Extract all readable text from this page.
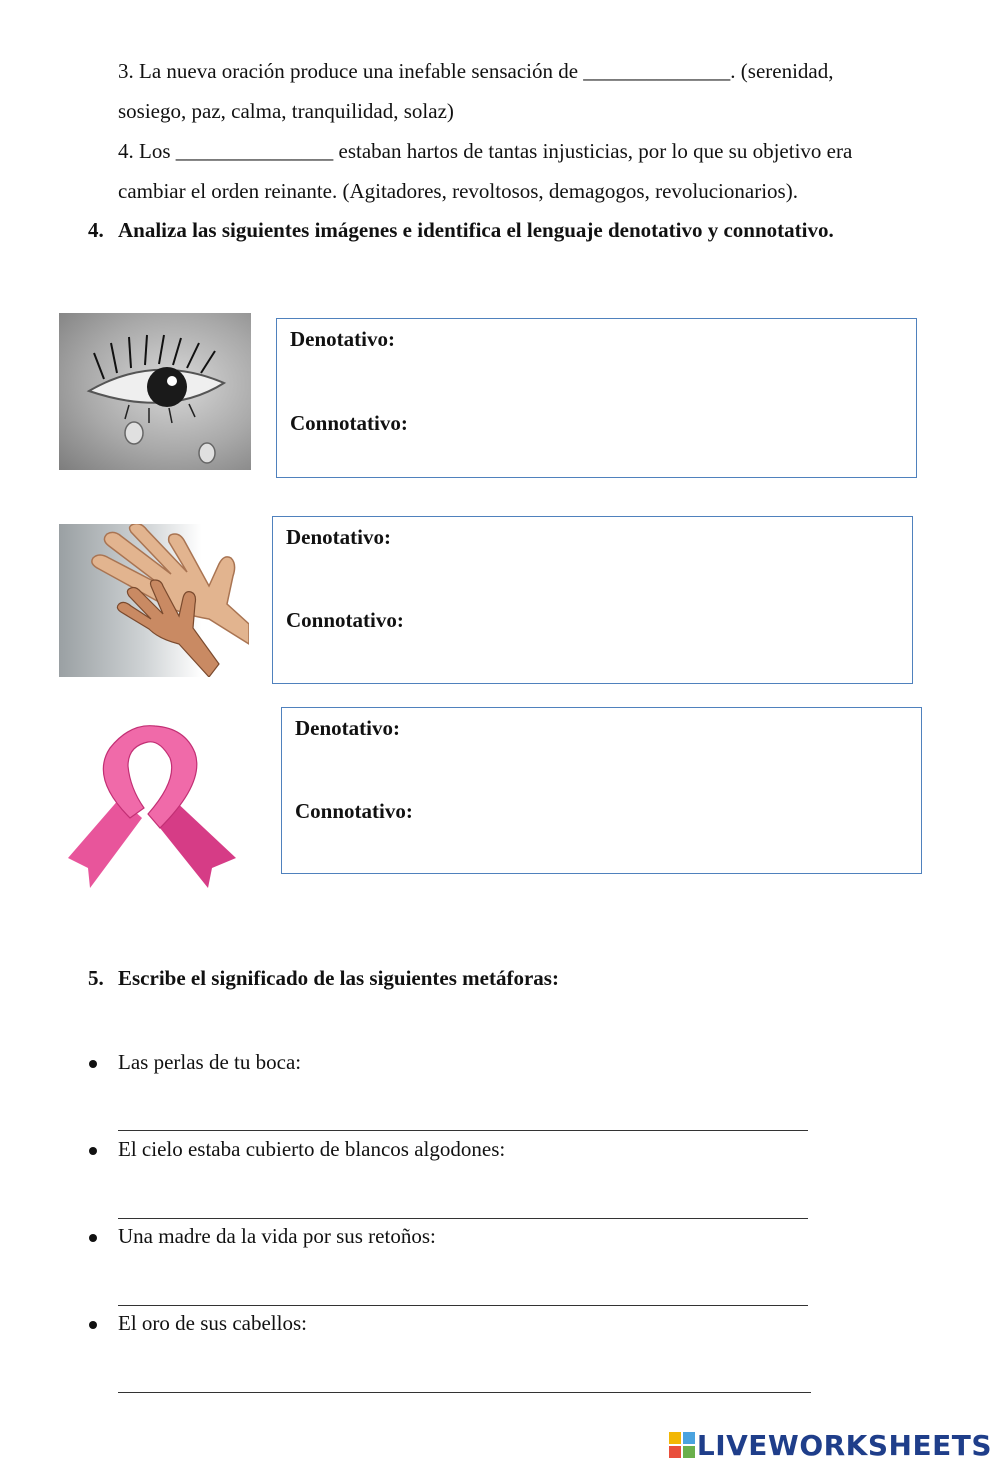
3. La nueva oración produce una inefable sensación de ______________. (serenidad,
sosiego, paz, calma, tranquilidad, solaz)
4. Los _______________ estaban hartos de tantas injusticias, por lo que su objetivo era
cambiar el orden reinante. (Agitadores, revoltosos, demagogos, revolucionarios).
4. Analiza las siguientes imágenes e identifica el lenguaje denotativo y connotativo.
Denotativo:
Connotativo:
Denotativo:
Connotativo:
Denotativo:
Connotativo:
5. Escribe el significado de las siguientes metáforas:
Las perlas de tu boca:
El cielo estaba cubierto de blancos algodones:
Una madre da la vida por sus retoños:
El oro de sus cabellos:
LIVEWORKSHEETS
